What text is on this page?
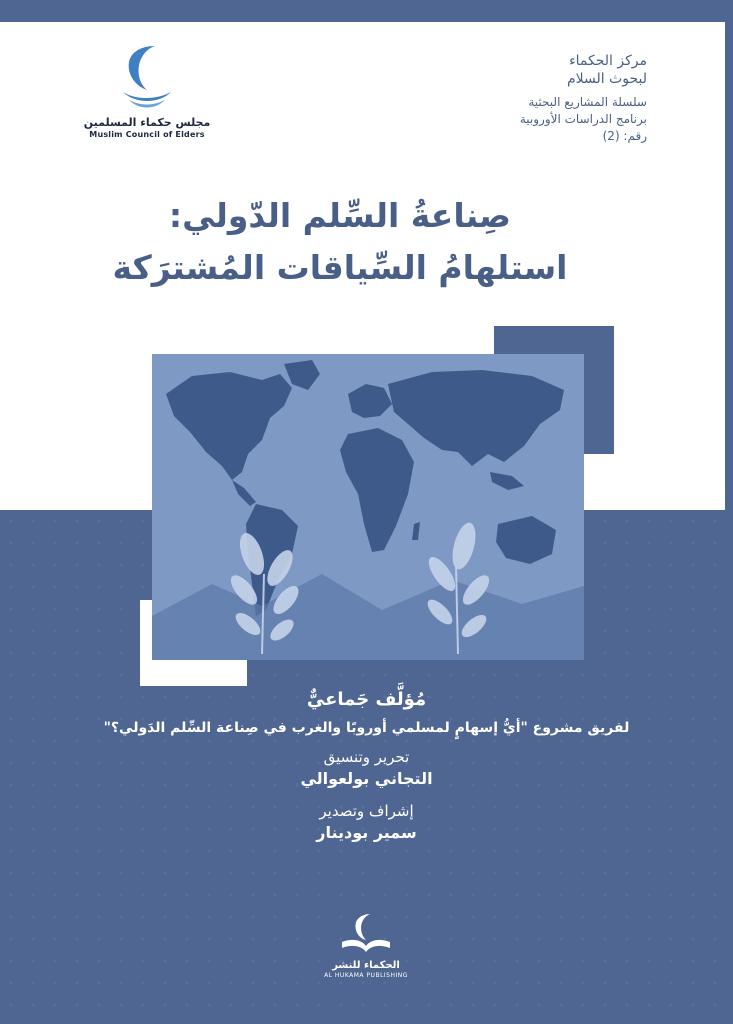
مجلس حكماء المسلمين
Muslim Council of Elders
مركز الحكماء
لبحوث السلام
سلسلة المشاريع البحثية
برنامج الدراسات الأوروبية
رقم: (2)
صِناعةُ السِّلم الدّولي:
استلهامُ السِّياقات المُشترَكة
مُؤلَّف جَماعيٌّ
لفريق مشروع "أيُّ إسهامٍ لمسلمي أوروبًا والغرب في صِناعة السِّلم الدَولي؟"
تحرير وتنسيق
التجاني بولعوالي
إشراف وتصدير
سمير بودينار
الحكماء للنشر
AL HUKAMA PUBLISHING
